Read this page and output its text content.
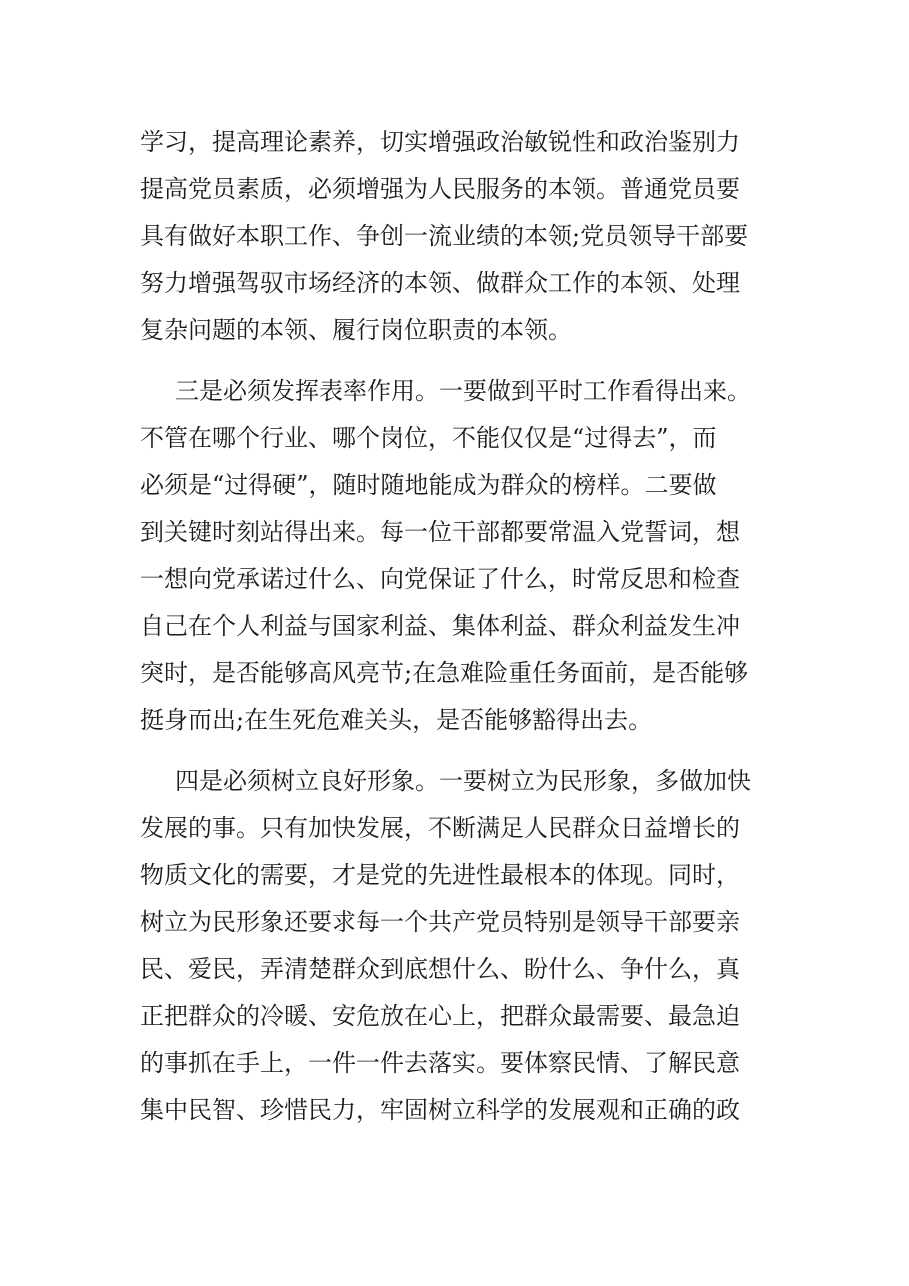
学习，提高理论素养，切实增强政治敏锐性和政治鉴别力
提高党员素质，必须增强为人民服务的本领。普通党员要
具有做好本职工作、争创一流业绩的本领;党员领导干部要
努力增强驾驭市场经济的本领、做群众工作的本领、处理
复杂问题的本领、履行岗位职责的本领。
三是必须发挥表率作用。一要做到平时工作看得出来。
不管在哪个行业、哪个岗位，不能仅仅是“过得去”，而
必须是“过得硬”，随时随地能成为群众的榜样。二要做
到关键时刻站得出来。每一位干部都要常温入党誓词，想
一想向党承诺过什么、向党保证了什么，时常反思和检查
自己在个人利益与国家利益、集体利益、群众利益发生冲
突时，是否能够高风亮节;在急难险重任务面前，是否能够
挺身而出;在生死危难关头，是否能够豁得出去。
四是必须树立良好形象。一要树立为民形象，多做加快
发展的事。只有加快发展，不断满足人民群众日益增长的
物质文化的需要，才是党的先进性最根本的体现。同时，
树立为民形象还要求每一个共产党员特别是领导干部要亲
民、爱民，弄清楚群众到底想什么、盼什么、争什么，真
正把群众的冷暖、安危放在心上，把群众最需要、最急迫
的事抓在手上，一件一件去落实。要体察民情、了解民意
集中民智、珍惜民力，牢固树立科学的发展观和正确的政
